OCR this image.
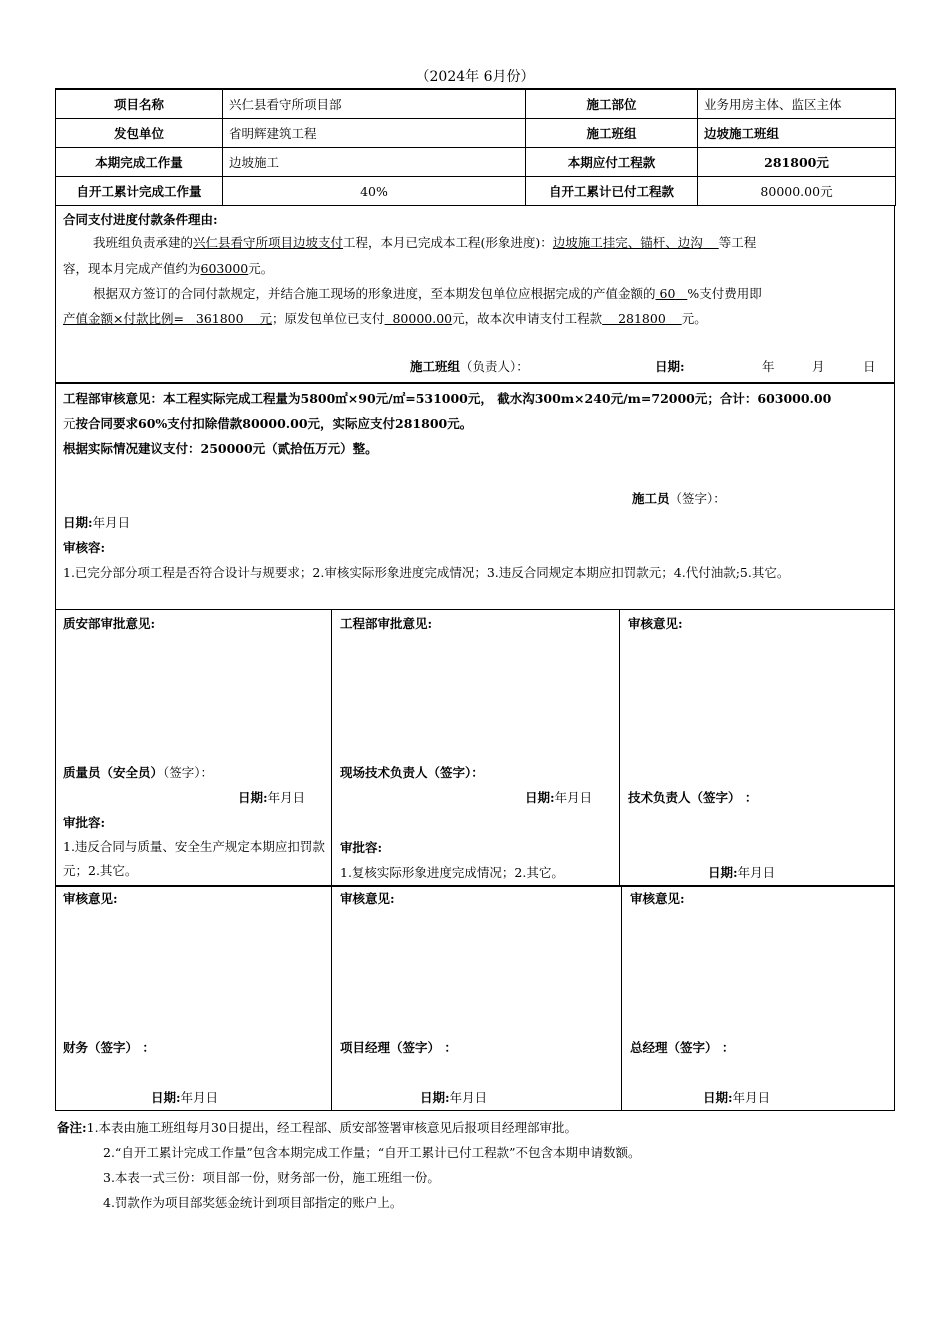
（2024年 6月份）
项目名称	兴仁县看守所项目部	施工部位	业务用房主体、监区主体
发包单位	省明辉建筑工程	施工班组	边坡施工班组
本期完成工作量	边坡施工	本期应付工程款	281800元
自开工累计完成工作量	40%	自开工累计已付工程款	80000.00元
合同支付进度付款条件理由:
我班组负责承建的兴仁县看守所项目边坡支付工程，本月已完成本工程(形象进度)：边坡施工挂完、锚杆、边沟 等工程
容，现本月完成产值约为603000元。
根据双方签订的合同付款规定，并结合施工现场的形象进度，至本期发包单位应根据完成的产值金额的 60 %支付费用即
产值金额×付款比例= 361800 元；原发包单位已支付 80000.00元，故本次申请支付工程款 281800 元。
施工班组（负责人）：	日期:	年	月	日
工程部审核意见：本工程实际完成工程量为5800㎡×90元/㎡=531000元， 截水沟300m×240元/m=72000元；合计：603000.00
元按合同要求60%支付扣除借款80000.00元，实际应支付281800元。
根据实际情况建议支付：250000元（贰拾伍万元）整。
施工员（签字）：
日期:年月日
审核容:
1.已完分部分项工程是否符合设计与规要求；2.审核实际形象进度完成情况；3.违反合同规定本期应扣罚款元；4.代付油款;5.其它。
质安部审批意见:
质量员（安全员）（签字）：
日期:年月日
审批容:
1.违反合同与质量、安全生产规定本期应扣罚款元；2.其它。
工程部审批意见:
现场技术负责人（签字）：
日期:年月日
审批容:
1.复核实际形象进度完成情况；2.其它。
审核意见:
技术负责人（签字） ：
日期:年月日
审核意见:
财务（签字） ：
日期:年月日
审核意见:
项目经理（签字） ：
日期:年月日
审核意见:
总经理（签字） ：
日期:年月日
备注:1.本表由施工班组每月30日提出，经工程部、质安部签署审核意见后报项目经理部审批。
2.“自开工累计完成工作量”包含本期完成工作量；“自开工累计已付工程款”不包含本期申请数额。
3.本表一式三份：项目部一份，财务部一份，施工班组一份。
4.罚款作为项目部奖惩金统计到项目部指定的账户上。
